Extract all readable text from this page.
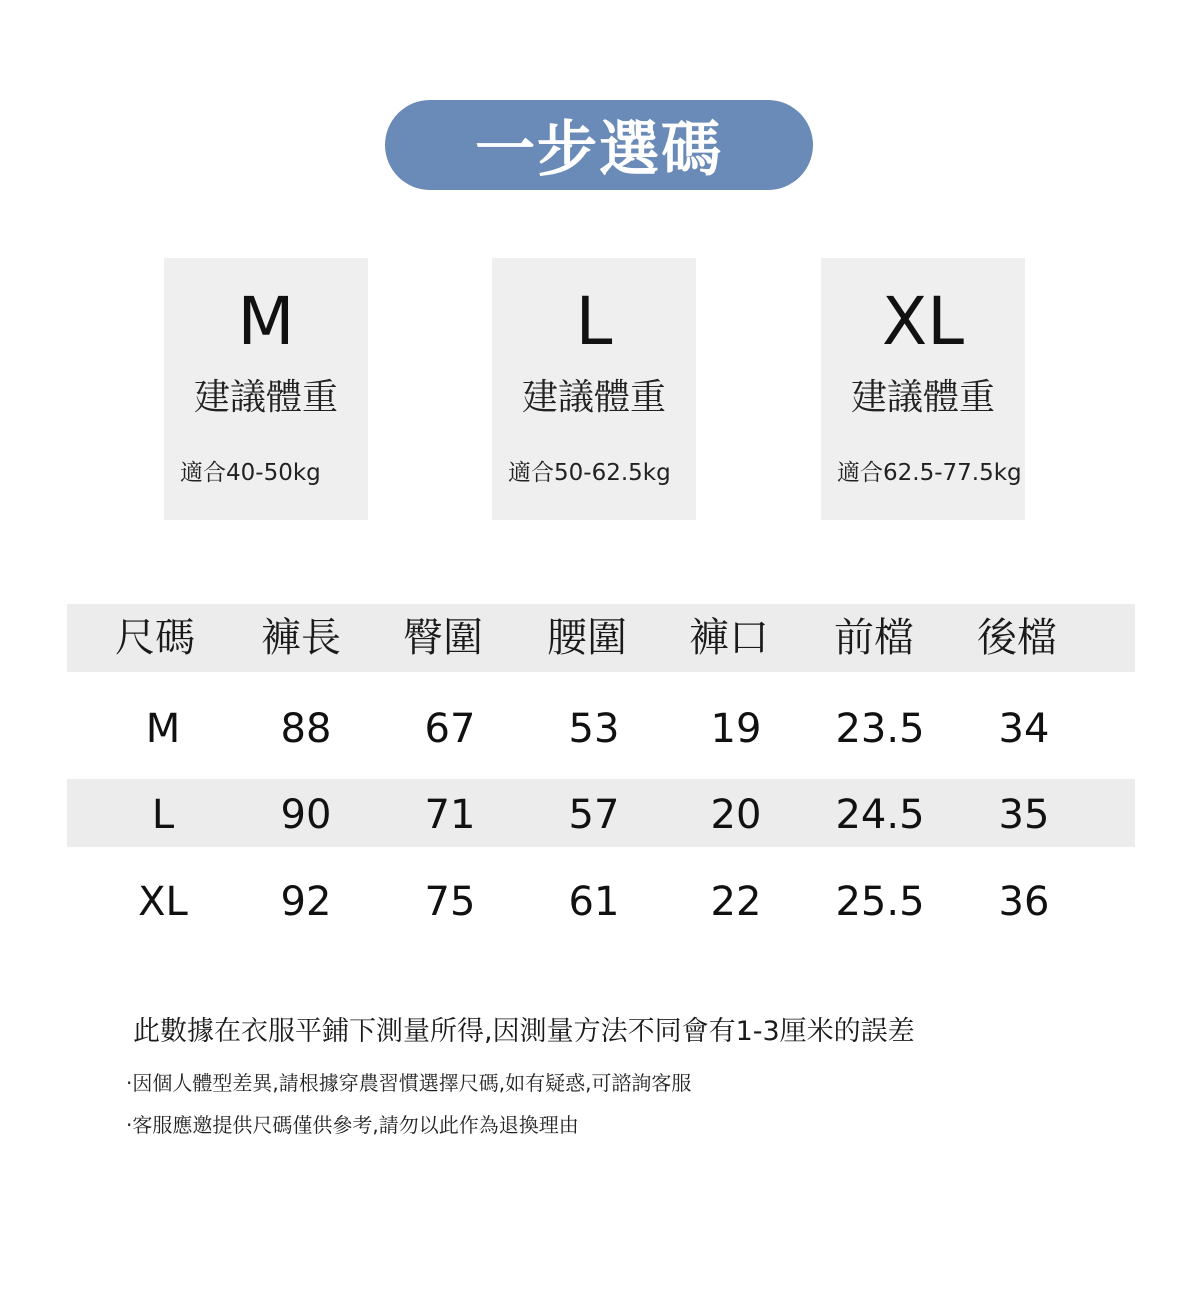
一步選碼
M
建議體重
適合40-50kg
L
建議體重
適合50-62.5kg
XL
建議體重
適合62.5-77.5kg
尺碼 褲長 臀圍 腰圍 褲口 前檔 後檔
M	88 67 53 19 23.5 34
L	90 71 57 20 24.5 35
XL 92 75 61 22 25.5 36
此數據在衣服平鋪下測量所得,因測量方法不同會有1-3厘米的誤差
·因個人體型差異,請根據穿農習慣選擇尺碼,如有疑惑,可諮詢客服
·客服應邀提供尺碼僅供參考,請勿以此作為退換理由
